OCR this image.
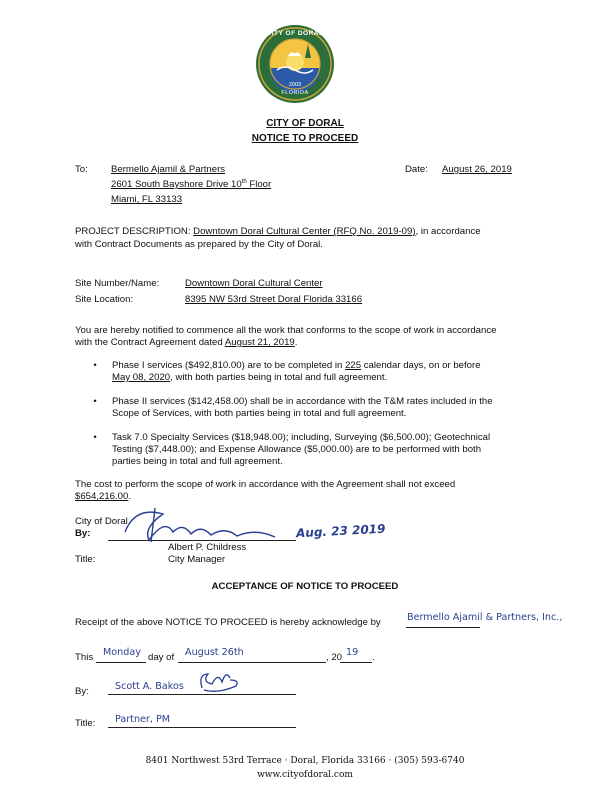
CITY OF DORAL
2003
FLORIDA
CITY OF DORAL
NOTICE TO PROCEED
To: Bermello Ajamil & Partners
2601 South Bayshore Drive 10th Floor
Miami, FL 33133
Date: August 26, 2019
PROJECT DESCRIPTION: Downtown Doral Cultural Center (RFQ No. 2019-09), in accordance
with Contract Documents as prepared by the City of Doral.
Site Number/Name:	Downtown Doral Cultural Center
Site Location:	8395 NW 53rd Street Doral Florida 33166
You are hereby notified to commence all the work that conforms to the scope of work in accordance
with the Contract Agreement dated August 21, 2019.
• Phase I services ($492,810.00) are to be completed in 225 calendar days, on or before
May 08, 2020, with both parties being in total and full agreement.
• Phase II services ($142,458.00) shall be in accordance with the T&M rates included in the
Scope of Services, with both parties being in total and full agreement.
• Task 7.0 Specialty Services ($18,948.00); including, Surveying ($6,500.00); Geotechnical
Testing ($7,448.00); and Expense Allowance ($5,000.00) are to be performed with both
parties being in total and full agreement.
The cost to perform the scope of work in accordance with the Agreement shall not exceed
$654,216.00.
City of Doral
By:	Aug. 23 2019
Albert P. Childress
Title:	City Manager
ACCEPTANCE OF NOTICE TO PROCEED
Receipt of the above NOTICE TO PROCEED is hereby acknowledge by	Bermello Ajamil & Partners, Inc.,
This Monday day of August 26th	, 20 19 .
By:	Scott A. Bakos
Title: Partner, PM
8401 Northwest 53rd Terrace · Doral, Florida 33166 · (305) 593-6740
www.cityofdoral.com
